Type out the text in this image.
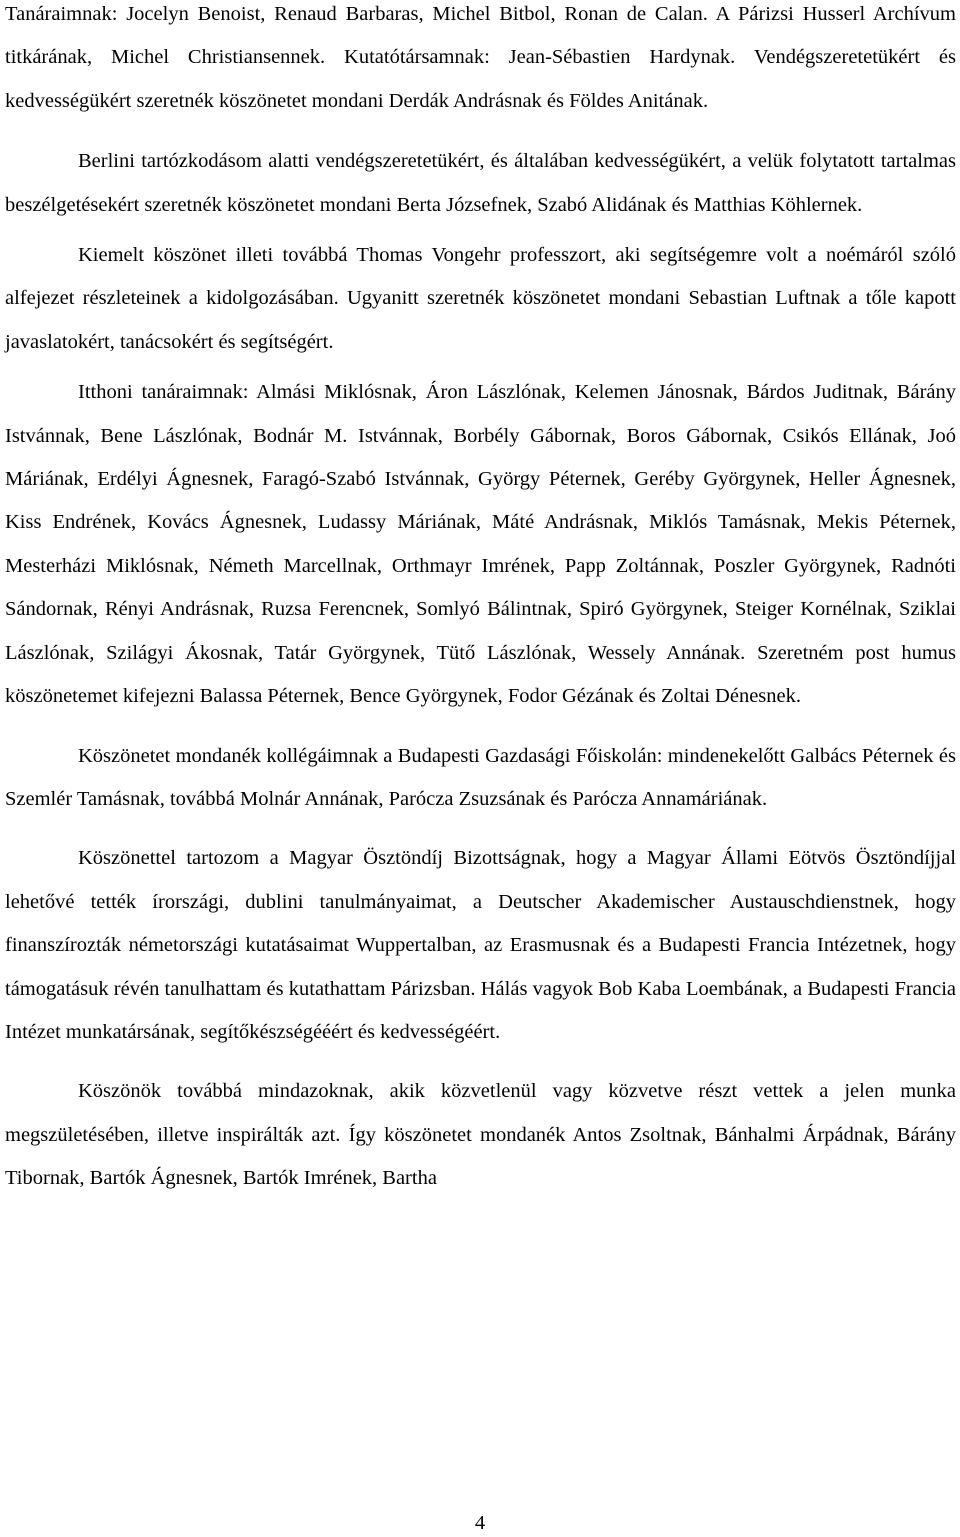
Tanáraimnak: Jocelyn Benoist, Renaud Barbaras, Michel Bitbol, Ronan de Calan. A Párizsi Husserl Archívum titkárának, Michel Christiansennek. Kutatótársamnak: Jean-Sébastien Hardynak. Vendégszeretetükért és kedvességükért szeretnék köszönetet mondani Derdák Andrásnak és Földes Anitának.

Berlini tartózkodásom alatti vendégszeretetükért, és általában kedvességükért, a velük folytatott tartalmas beszélgetésekért szeretnék köszönetet mondani Berta Józsefnek, Szabó Alidának és Matthias Köhlernek.

Kiemelt köszönet illeti továbbá Thomas Vongehr professzort, aki segítségemre volt a noémáról szóló alfejezet részleteinek a kidolgozásában. Ugyanitt szeretnék köszönetet mondani Sebastian Luftnak a tőle kapott javaslatokért, tanácsokért és segítségért.

Itthoni tanáraimnak: Almási Miklósnak, Áron Lászlónak, Kelemen Jánosnak, Bárdos Juditnak, Bárány Istvánnak, Bene Lászlónak, Bodnár M. Istvánnak, Borbély Gábornak, Boros Gábornak, Csikós Ellának, Joó Máriának, Erdélyi Ágnesnek, Faragó-Szabó Istvánnak, György Péternek, Geréby Györgynek, Heller Ágnesnek, Kiss Endrének, Kovács Ágnesnek, Ludassy Máriának, Máté Andrásnak, Miklós Tamásnak, Mekis Péternek, Mesterházi Miklósnak, Németh Marcellnak, Orthmayr Imrének, Papp Zoltánnak, Poszler Györgynek, Radnóti Sándornak, Rényi Andrásnak, Ruzsa Ferencnek, Somlyó Bálintnak, Spiró Györgynek, Steiger Kornélnak, Sziklai Lászlónak, Szilágyi Ákosnak, Tatár Györgynek, Tütő Lászlónak, Wessely Annának. Szeretném post humus köszönetemet kifejezni Balassa Péternek, Bence Györgynek, Fodor Gézának és Zoltai Dénesnek.

Köszönetet mondanék kollégáimnak a Budapesti Gazdasági Főiskolán: mindenekelőtt Galbács Péternek és Szemlér Tamásnak, továbbá Molnár Annának, Parócza Zsuzsának és Parócza Annamáriának.

Köszönettel tartozom a Magyar Ösztöndíj Bizottságnak, hogy a Magyar Állami Eötvös Ösztöndíjjal lehetővé tették írországi, dublini tanulmányaimat, a Deutscher Akademischer Austauschdienstnek, hogy finanszírozták németországi kutatásaimat Wuppertalban, az Erasmusnak és a Budapesti Francia Intézetnek, hogy támogatásuk révén tanulhattam és kutathattam Párizsban. Hálás vagyok Bob Kaba Loembának, a Budapesti Francia Intézet munkatársának, segítőkészségééért és kedvességéért.

Köszönök továbbá mindazoknak, akik közvetlenül vagy közvetve részt vettek a jelen munka megszületésében, illetve inspirálták azt. Így köszönetet mondanék Antos Zsoltnak, Bánhalmi Árpádnak, Bárány Tibornak, Bartók Ágnesnek, Bartók Imrének, Bartha

4
